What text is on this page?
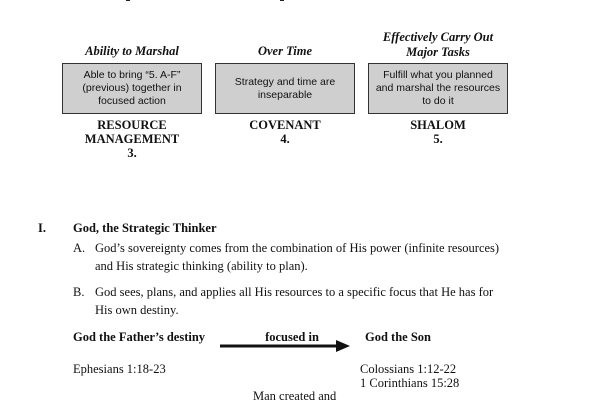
Ability to Marshal
Able to bring “5. A-F” (previous) together in focused action
RESOURCE
MANAGEMENT
3.
Over Time
Strategy and time are inseparable
COVENANT
4.
Effectively Carry Out
Major Tasks
Fulfill what you planned and marshal the resources to do it
SHALOM
5.
I. God, the Strategic Thinker
A. God’s sovereignty comes from the combination of His power (infinite resources)
and His strategic thinking (ability to plan).
B. God sees, plans, and applies all His resources to a specific focus that He has for
His own destiny.
God the Father’s destiny	focused in	God the Son
Ephesians 1:18-23	Colossians 1:12-22
1 Corinthians 15:28
Man created and
